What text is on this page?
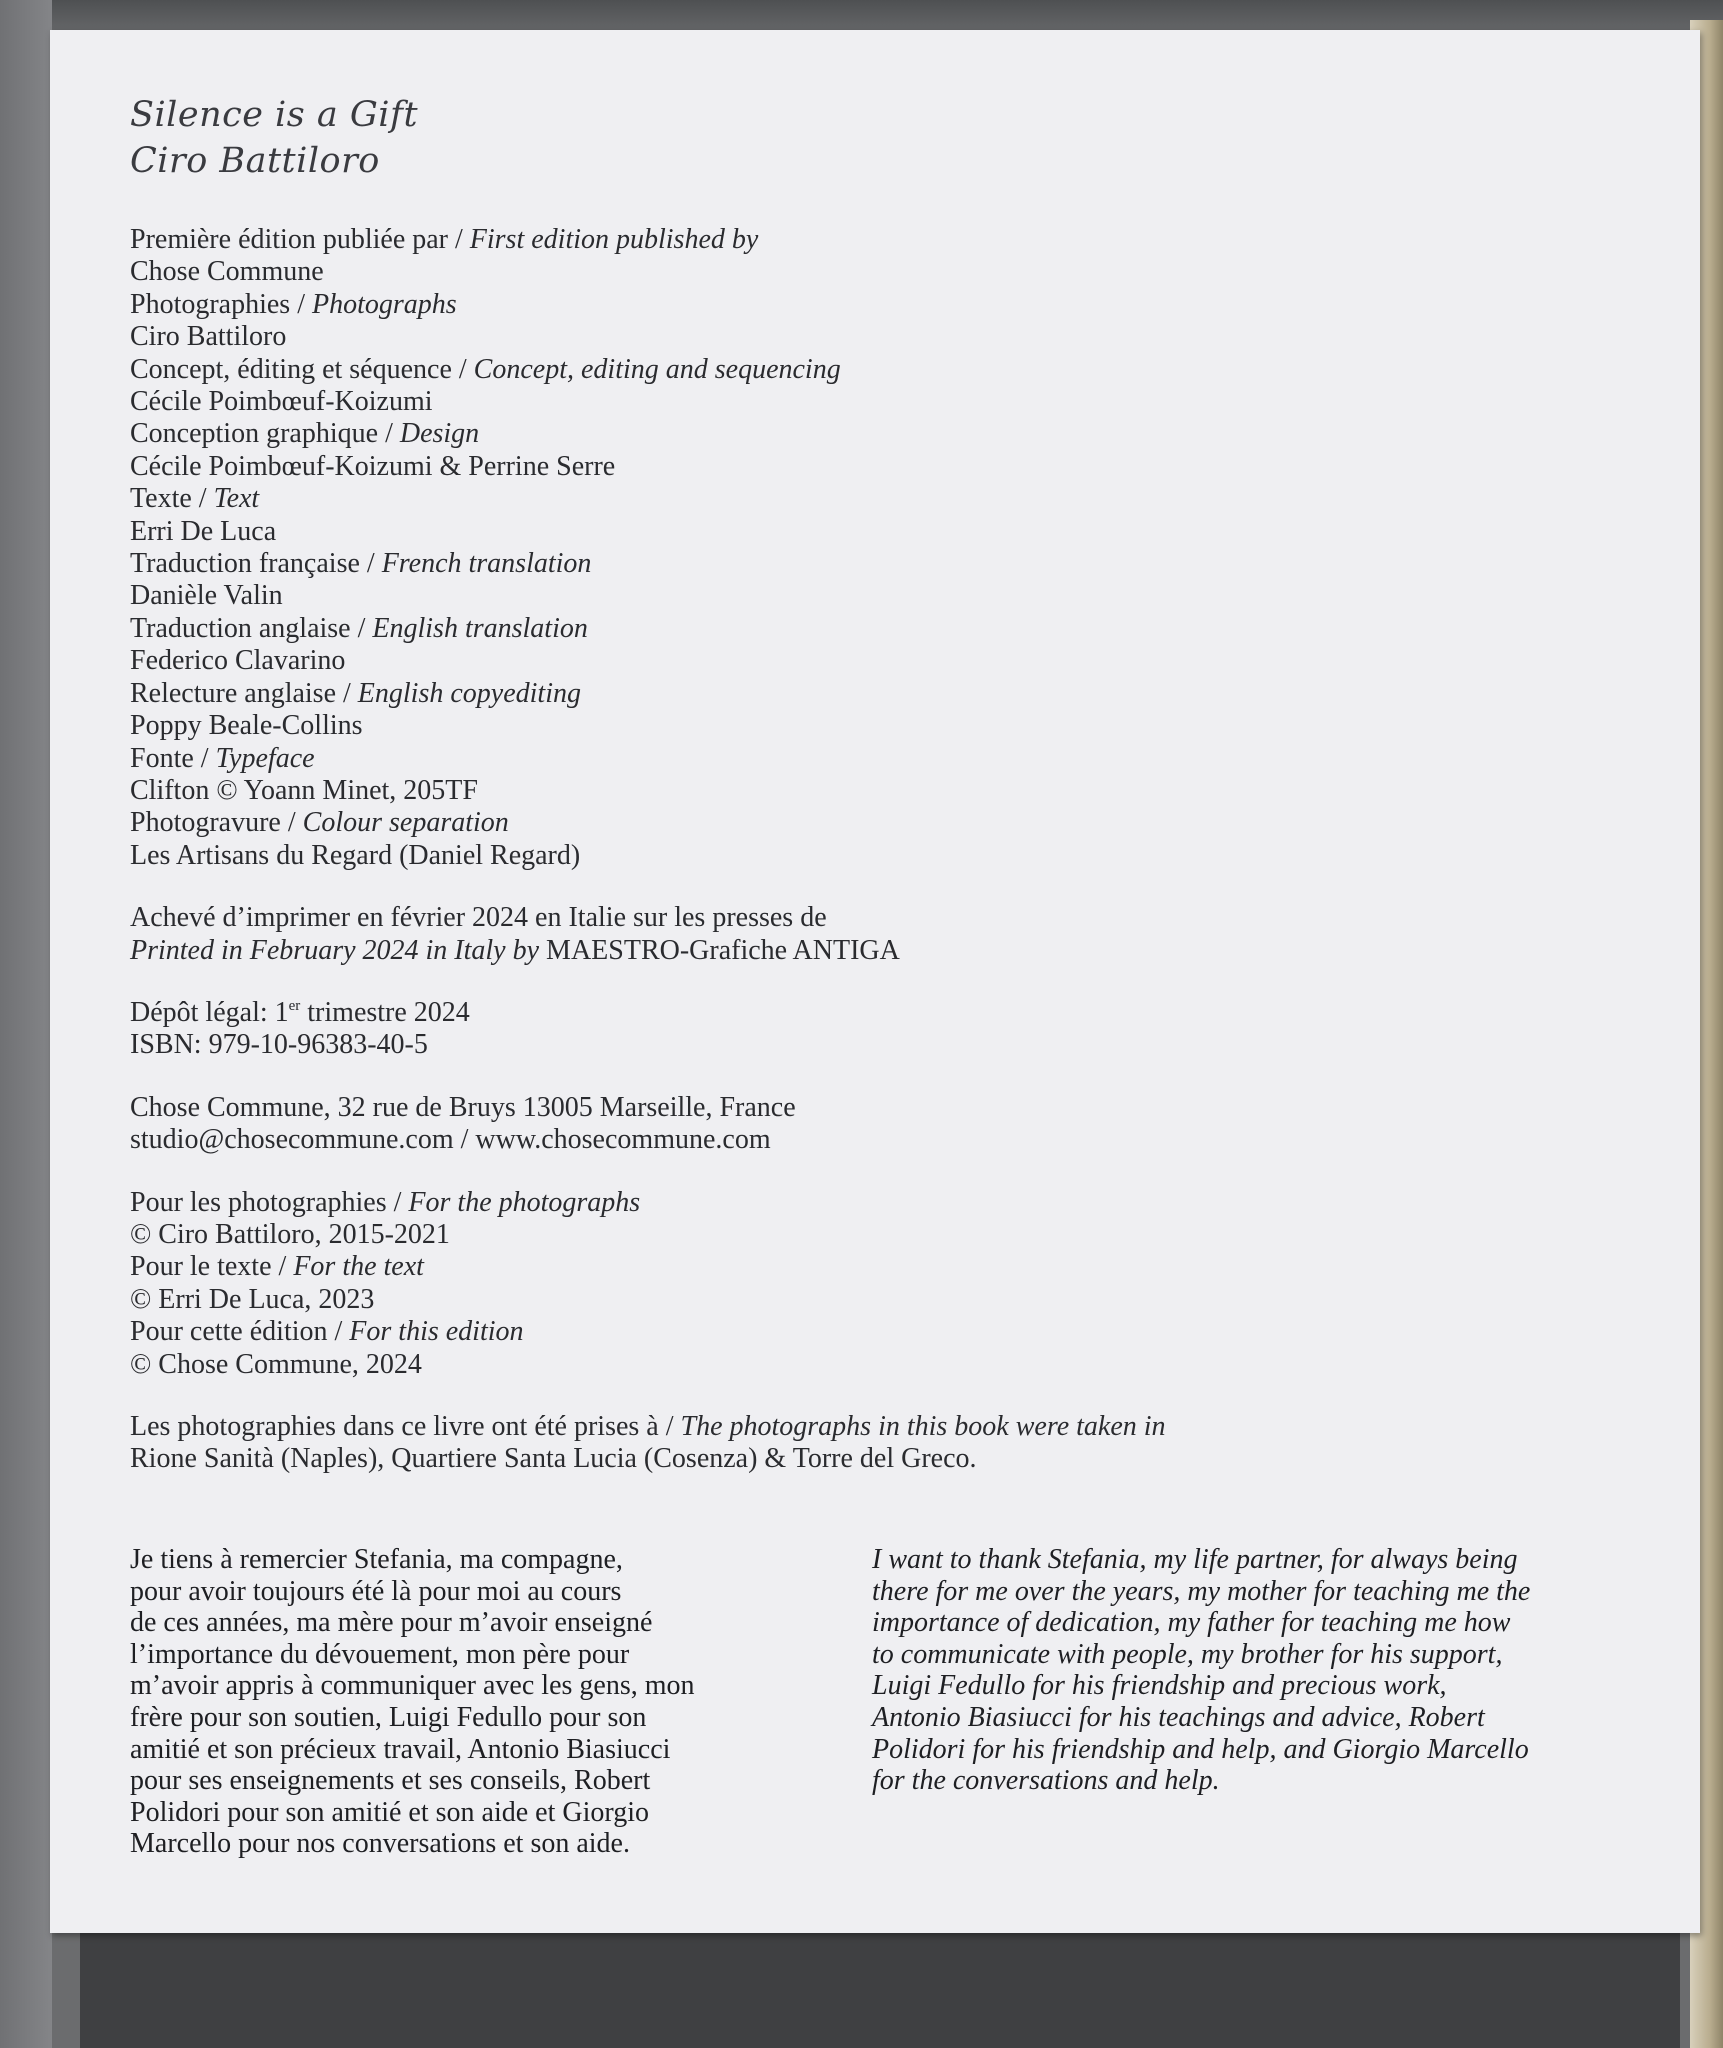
Silence is a Gift
Ciro Battiloro
Première édition publiée par / First edition published by
Chose Commune
Photographies / Photographs
Ciro Battiloro
Concept, éditing et séquence / Concept, editing and sequencing
Cécile Poimbœuf-Koizumi
Conception graphique / Design
Cécile Poimbœuf-Koizumi & Perrine Serre
Texte / Text
Erri De Luca
Traduction française / French translation
Danièle Valin
Traduction anglaise / English translation
Federico Clavarino
Relecture anglaise / English copyediting
Poppy Beale-Collins
Fonte / Typeface
Clifton © Yoann Minet, 205TF
Photogravure / Colour separation
Les Artisans du Regard (Daniel Regard)
Achevé d’imprimer en février 2024 en Italie sur les presses de
Printed in February 2024 in Italy by MAESTRO-Grafiche ANTIGA
Dépôt légal: 1er trimestre 2024
ISBN: 979-10-96383-40-5
Chose Commune, 32 rue de Bruys 13005 Marseille, France
studio@chosecommune.com / www.chosecommune.com
Pour les photographies / For the photographs
© Ciro Battiloro, 2015-2021
Pour le texte / For the text
© Erri De Luca, 2023
Pour cette édition / For this edition
© Chose Commune, 2024
Les photographies dans ce livre ont été prises à / The photographs in this book were taken in
Rione Sanità (Naples), Quartiere Santa Lucia (Cosenza) & Torre del Greco.
Je tiens à remercier Stefania, ma compagne,
pour avoir toujours été là pour moi au cours
de ces années, ma mère pour m’avoir enseigné
l’importance du dévouement, mon père pour
m’avoir appris à communiquer avec les gens, mon
frère pour son soutien, Luigi Fedullo pour son
amitié et son précieux travail, Antonio Biasiucci
pour ses enseignements et ses conseils, Robert
Polidori pour son amitié et son aide et Giorgio
Marcello pour nos conversations et son aide.
I want to thank Stefania, my life partner, for always being
there for me over the years, my mother for teaching me the
importance of dedication, my father for teaching me how
to communicate with people, my brother for his support,
Luigi Fedullo for his friendship and precious work,
Antonio Biasiucci for his teachings and advice, Robert
Polidori for his friendship and help, and Giorgio Marcello
for the conversations and help.
